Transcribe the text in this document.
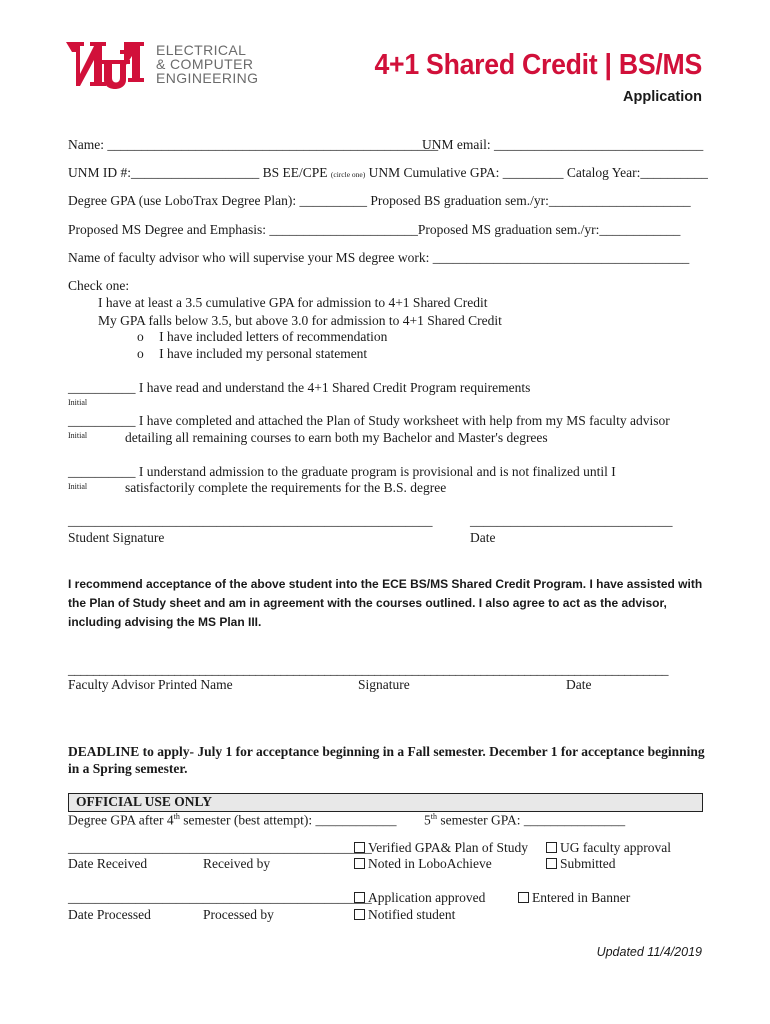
ELECTRICAL
& COMPUTER
ENGINEERING	4+1 Shared Credit | BS/MS
Application
Name: _________________________________________________
UNM email: _______________________________
UNM ID #:___________________ BS EE/CPE (circle one) UNM Cumulative GPA: _________ Catalog Year:__________
Degree GPA (use LoboTrax Degree Plan): __________ Proposed BS graduation sem./yr:_____________________
Proposed MS Degree and Emphasis: ______________________Proposed MS graduation sem./yr:____________
Name of faculty advisor who will supervise your MS degree work: ______________________________________
Check one:
I have at least a 3.5 cumulative GPA for admission to 4+1 Shared Credit
My GPA falls below 3.5, but above 3.0 for admission to 4+1 Shared Credit
o I have included letters of recommendation
o I have included my personal statement
__________ I have read and understand the 4+1 Shared Credit Program requirements
Initial
__________ I have completed and attached the Plan of Study worksheet with help from my MS faculty advisor
Initial	detailing all remaining courses to earn both my Bachelor and Master's degrees
__________ I understand admission to the graduate program is provisional and is not finalized until I
Initial	satisfactorily complete the requirements for the B.S. degree
______________________________________________________	______________________________
Student Signature	Date
I recommend acceptance of the above student into the ECE BS/MS Shared Credit Program. I have assisted with the Plan of Study sheet and am in agreement with the courses outlined. I also agree to act as the advisor, including advising the MS Plan III.
________________________________________________________________________________________________
Faculty Advisor Printed Name	Signature	Date
DEADLINE to apply- July 1 for acceptance beginning in a Fall semester. December 1 for acceptance beginning in a Spring semester.
OFFICIAL USE ONLY
Degree GPA after 4th semester (best attempt): ____________ 5th semester GPA: _______________
_____________________________________________
Date Received	Received by
Verified GPA& Plan of Study
Noted in LoboAchieve
UG faculty approval
Submitted
_____________________________________________
Date Processed	Processed by
Application approved
Notified student
Entered in Banner
Updated 11/4/2019
